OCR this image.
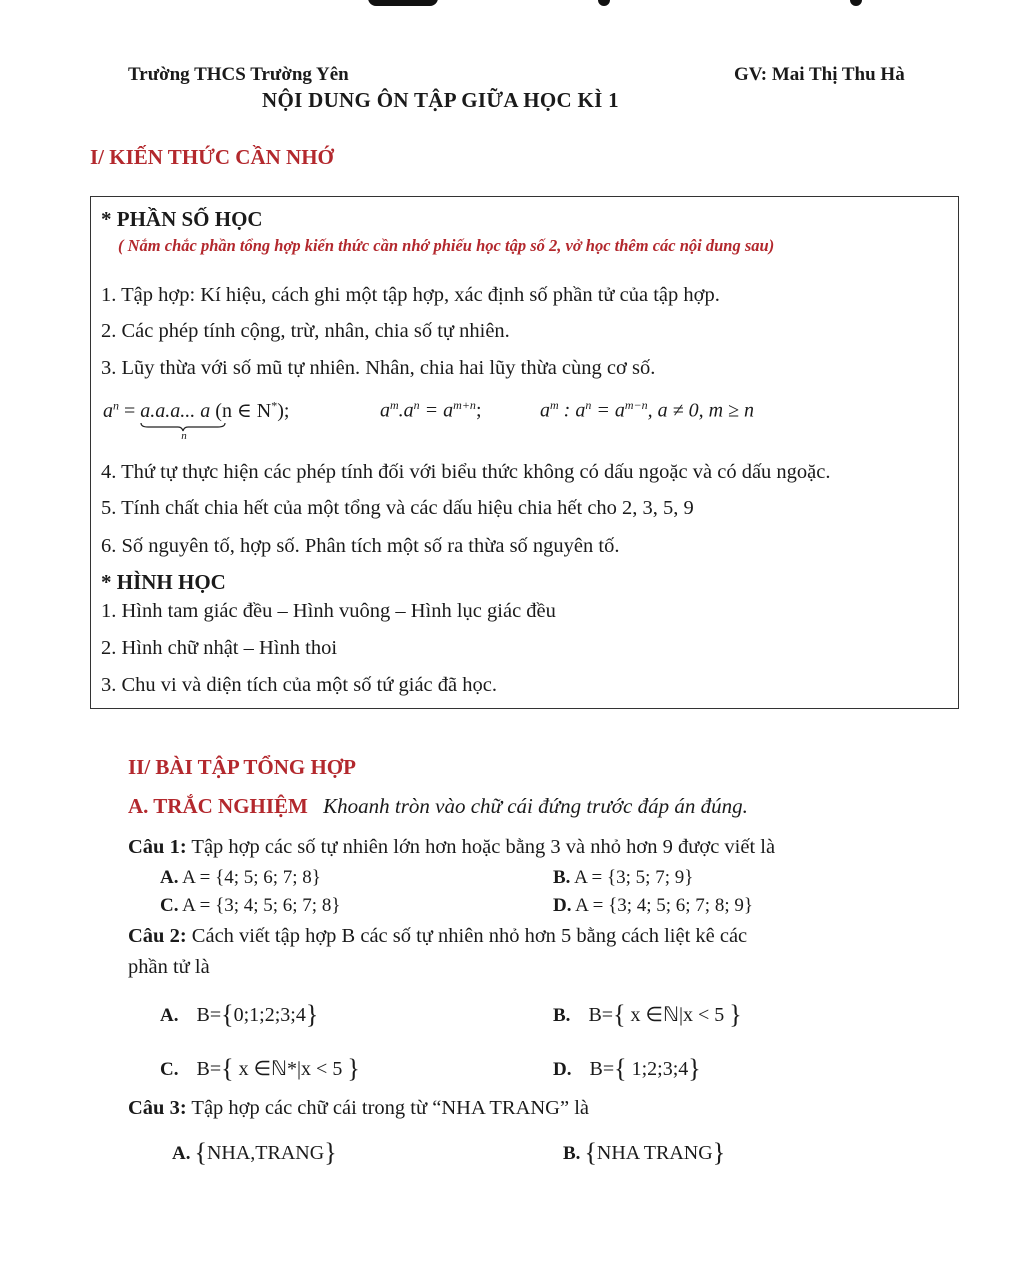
Trường THCS Trường Yên	GV: Mai Thị Thu Hà
NỘI DUNG ÔN TẬP GIỮA HỌC KÌ 1
I/ KIẾN THỨC CẦN NHỚ
* PHẦN SỐ HỌC
( Nắm chắc phần tổng hợp kiến thức cần nhớ phiếu học tập số 2, vở học thêm các nội dung sau)
1. Tập hợp: Kí hiệu, cách ghi một tập hợp, xác định số phần tử của tập hợp.
2. Các phép tính cộng, trừ, nhân, chia số tự nhiên.
3. Lũy thừa với số mũ tự nhiên. Nhân, chia hai lũy thừa cùng cơ số.
$a^n = a.a.a$... a
n
(n ∈ N*);	$a^m.a^n = a^{m+n}$;	$a^m$ : $a^n = a^{m-n}$, a ≠ 0, m ≥ n
4. Thứ tự thực hiện các phép tính đối với biểu thức không có dấu ngoặc và có dấu ngoặc.
5. Tính chất chia hết của một tổng và các dấu hiệu chia hết cho 2, 3, 5, 9
6. Số nguyên tố, hợp số. Phân tích một số ra thừa số nguyên tố.
* HÌNH HỌC
1. Hình tam giác đều – Hình vuông – Hình lục giác đều
2. Hình chữ nhật – Hình thoi
3. Chu vi và diện tích của một số tứ giác đã học.
II/ BÀI TẬP TỔNG HỢP
A. TRẮC NGHIỆM Khoanh tròn vào chữ cái đứng trước đáp án đúng.
Câu 1: Tập hợp các số tự nhiên lớn hơn hoặc bằng 3 và nhỏ hơn 9 được viết là
A. A = {4; 5; 6; 7; 8}	B. A = {3; 5; 7; 9}
C. A = {3; 4; 5; 6; 7; 8}	D. A = {3; 4; 5; 6; 7; 8; 9}
Câu 2: Cách viết tập hợp B các số tự nhiên nhỏ hơn 5 bằng cách liệt kê các
phần tử là
A. B={0;1;2;3;4}	B. B={ x ∈ℕ|x < 5 }
C. B={ x ∈ℕ*|x < 5 }	D. B={ 1;2;3;4}
Câu 3: Tập hợp các chữ cái trong từ “NHA TRANG” là
A. {NHA,TRANG}	B. {NHA TRANG}
